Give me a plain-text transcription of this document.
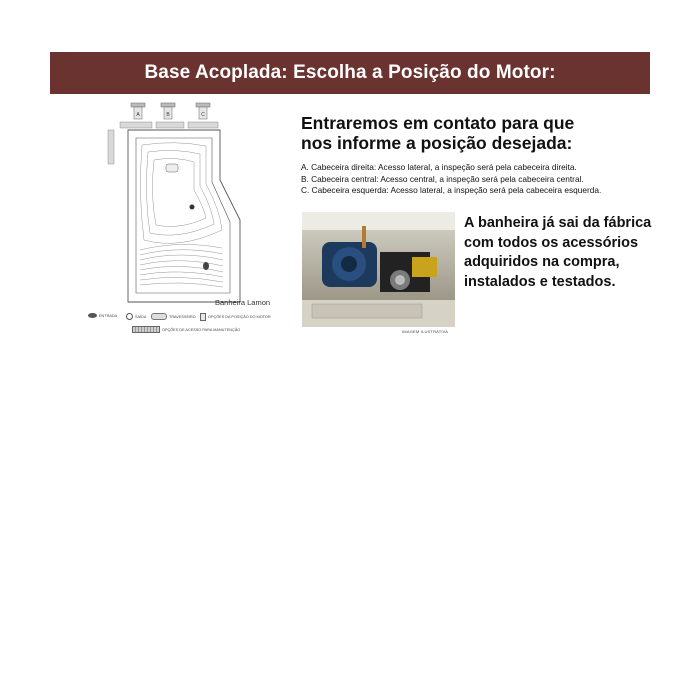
Base Acoplada: Escolha a Posição do Motor:
A	B	C
Banheira Lamon
ENTRADA	SAÍDA	TRAVESSEIRO	OPÇÕES DA POSIÇÃO DO MOTOR
OPÇÕES DE ACESSO PARA MANUTENÇÃO
Entraremos em contato para que
nos informe a posição desejada:
A. Cabeceira direita: Acesso lateral, a inspeção será pela cabeceira direita.
B. Cabeceira central: Acesso central, a inspeção será pela cabeceira central.
C. Cabeceira esquerda: Acesso lateral, a inspeção será pela cabeceira esquerda.
IMAGEM ILUSTRATIVA
A banheira já sai da fábrica
com todos os acessórios
adquiridos na compra,
instalados e testados.
